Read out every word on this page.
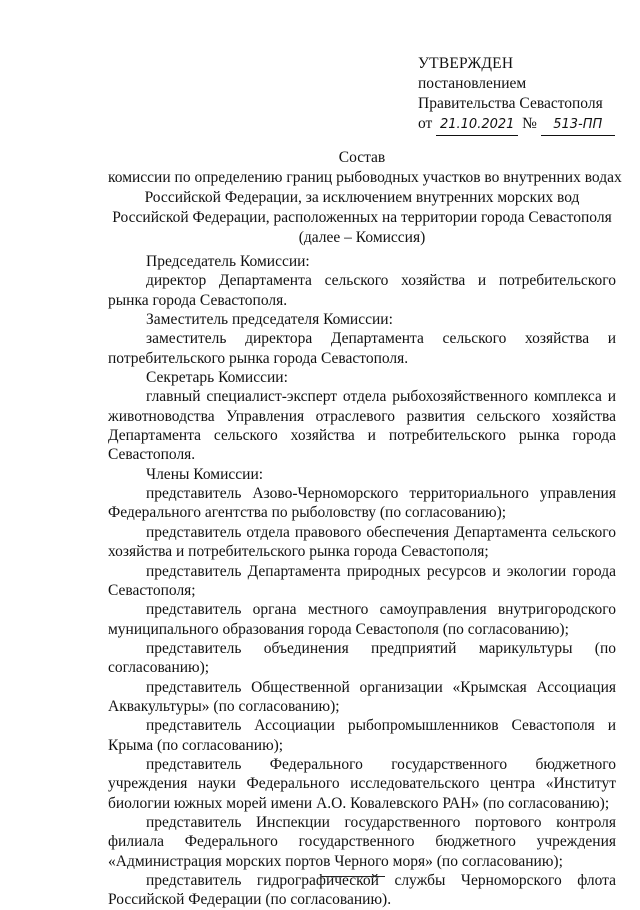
УТВЕРЖДЕН
постановлением
Правительства Севастополя
от 21.10.2021 № 513-ПП
Состав
комиссии по определению границ рыбоводных участков во внутренних водах
Российской Федерации, за исключением внутренних морских вод
Российской Федерации, расположенных на территории города Севастополя
(далее – Комиссия)

Председатель Комиссии:

директор Департамента сельского хозяйства и потребительского рынка города Севастополя.

Заместитель председателя Комиссии:

заместитель директора Департамента сельского хозяйства и потребительского рынка города Севастополя.

Секретарь Комиссии:

главный специалист-эксперт отдела рыбохозяйственного комплекса и животноводства Управления отраслевого развития сельского хозяйства Департамента сельского хозяйства и потребительского рынка города Севастополя.

Члены Комиссии:

представитель Азово-Черноморского территориального управления Федерального агентства по рыболовству (по согласованию);

представитель отдела правового обеспечения Департамента сельского хозяйства и потребительского рынка города Севастополя;

представитель Департамента природных ресурсов и экологии города Севастополя;

представитель органа местного самоуправления внутригородского муниципального образования города Севастополя (по согласованию);

представитель объединения предприятий марикультуры (по согласованию);

представитель Общественной организации «Крымская Ассоциация Аквакультуры» (по согласованию);

представитель Ассоциации рыбопромышленников Севастополя и Крыма (по согласованию);

представитель Федерального государственного бюджетного учреждения науки Федерального исследовательского центра «Институт биологии южных морей имени А.О. Ковалевского РАН» (по согласованию);

представитель Инспекции государственного портового контроля филиала Федерального государственного бюджетного учреждения «Администрация морских портов Черного моря» (по согласованию);

представитель гидрографической службы Черноморского флота Российской Федерации (по согласованию).
